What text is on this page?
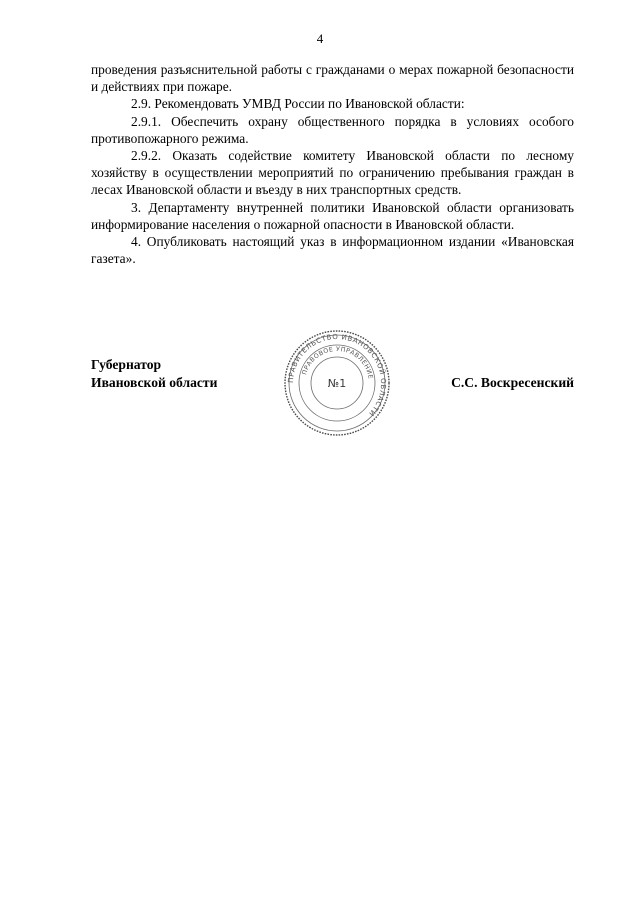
4

проведения разъяснительной работы с гражданами о мерах пожарной безопасности и действиях при пожаре.

2.9. Рекомендовать УМВД России по Ивановской области:

2.9.1. Обеспечить охрану общественного порядка в условиях особого противопожарного режима.

2.9.2. Оказать содействие комитету Ивановской области по лесному хозяйству в осуществлении мероприятий по ограничению пребывания граждан в лесах Ивановской области и въезду в них транспортных средств.

3. Департаменту внутренней политики Ивановской области организовать информирование населения о пожарной опасности в Ивановской области.

4. Опубликовать настоящий указ в информационном издании «Ивановская газета».

Губернатор
Ивановской области	ПРАВИТЕЛЬСТВО ИВАНОВСКОЙ ОБЛАСТИ
ПРАВОВОЕ УПРАВЛЕНИЕ
№1	С.С. Воскресенский
